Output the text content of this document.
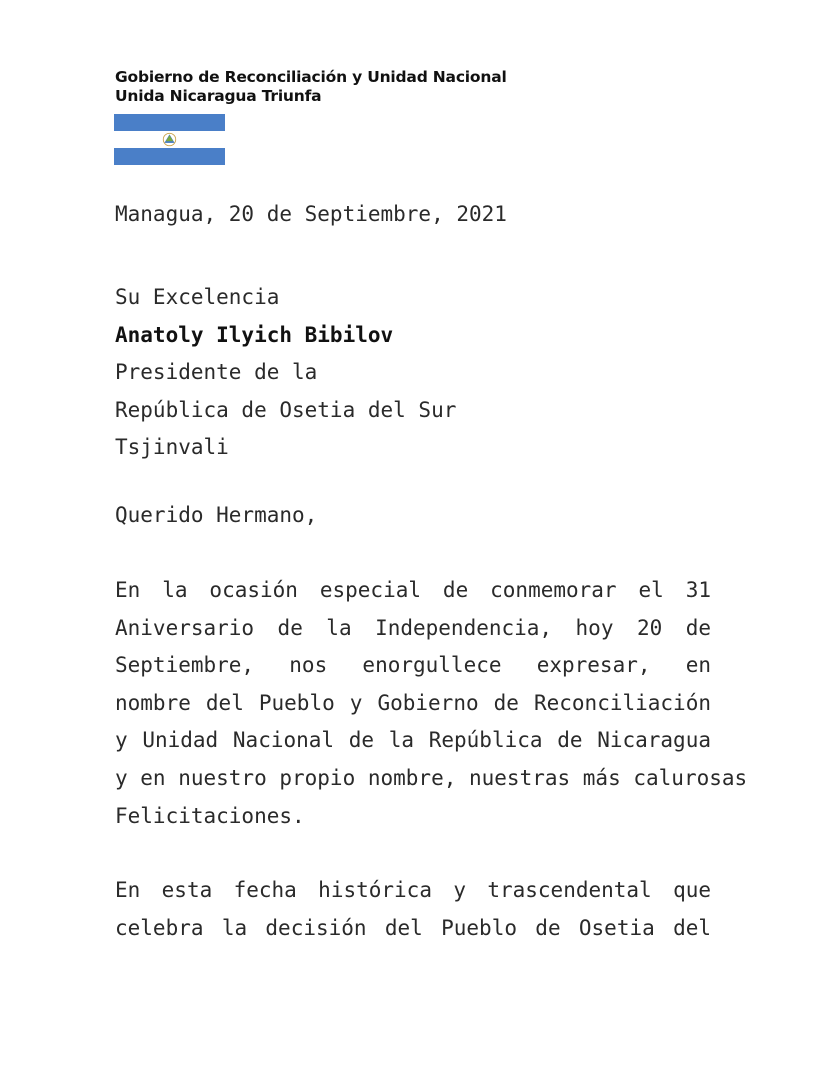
Gobierno de Reconciliación y Unidad Nacional
Unida Nicaragua Triunfa
Managua, 20 de Septiembre, 2021
Su Excelencia
Anatoly Ilyich Bibilov
Presidente de la
República de Osetia del Sur
Tsjinvali
Querido Hermano,
En la ocasión especial de conmemorar el 31
Aniversario de la Independencia, hoy 20 de
Septiembre, nos enorgullece expresar, en
nombre del Pueblo y Gobierno de Reconciliación
y Unidad Nacional de la República de Nicaragua
y en nuestro propio nombre, nuestras más calurosas
Felicitaciones.
En esta fecha histórica y trascendental que
celebra la decisión del Pueblo de Osetia del
